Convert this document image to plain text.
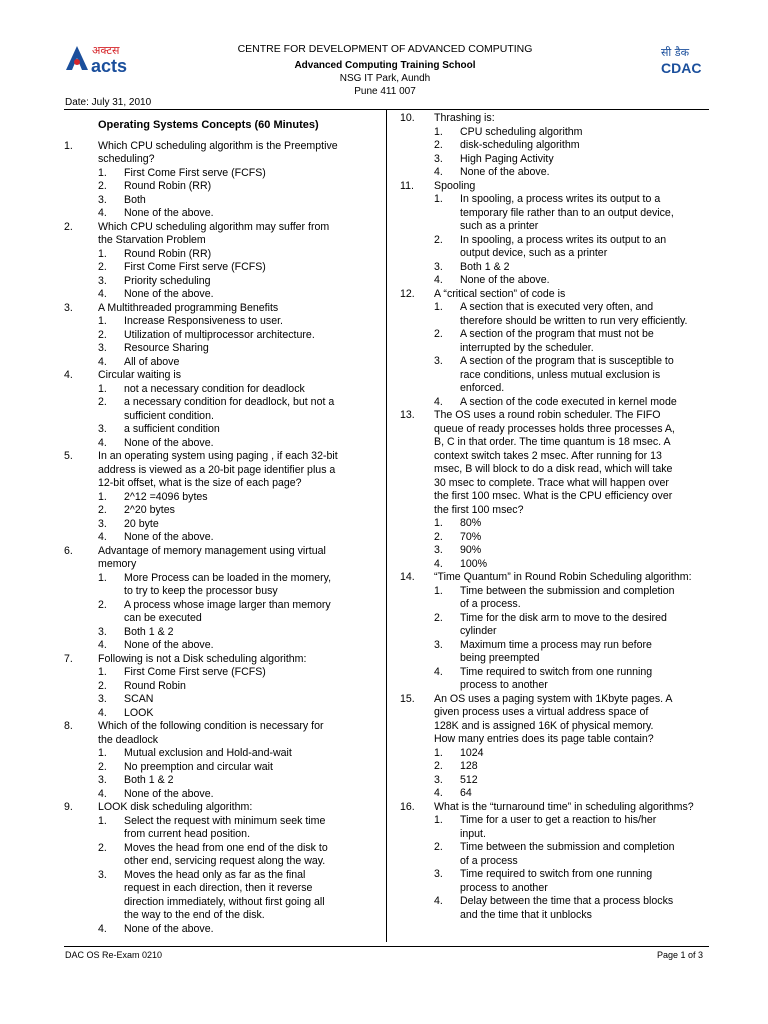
अक्टस
acts
सी डैक
CDAC
CENTRE FOR DEVELOPMENT OF ADVANCED COMPUTING
Advanced Computing Training School
NSG IT Park, Aundh
Pune 411 007
Date: July 31, 2010
Operating Systems Concepts (60 Minutes)
1.	Which CPU scheduling algorithm is the Preemptive
scheduling?
1.	First Come First serve (FCFS)
2.	Round Robin (RR)
3.	Both
4.	None of the above.
2.	Which CPU scheduling algorithm may suffer from
the Starvation Problem
1.	Round Robin (RR)
2.	First Come First serve (FCFS)
3.	Priority scheduling
4.	None of the above.
3.	A Multithreaded programming Benefits
1.	Increase Responsiveness to user.
2.	Utilization of multiprocessor architecture.
3.	Resource Sharing
4.	All of above
4.	Circular waiting is
1.	not a necessary condition for deadlock
2.	a necessary condition for deadlock, but not a
sufficient condition.
3.	a sufficient condition
4.	None of the above.
5.	In an operating system using paging , if each 32-bit
address is viewed as a 20-bit page identifier plus a
12-bit offset, what is the size of each page?
1.	2^12 =4096 bytes
2.	2^20 bytes
3.	20 byte
4.	None of the above.
6.	Advantage of memory management using virtual
memory
1.	More Process can be loaded in the momery,
to try to keep the processor busy
2.	A process whose image larger than memory
can be executed
3.	Both 1 & 2
4.	None of the above.
7.	Following is not a Disk scheduling algorithm:
1.	First Come First serve (FCFS)
2.	Round Robin
3.	SCAN
4.	LOOK
8.	Which of the following condition is necessary for
the deadlock
1.	Mutual exclusion and Hold-and-wait
2.	No preemption and circular wait
3.	Both 1 & 2
4.	None of the above.
9.	LOOK disk scheduling algorithm:
1.	Select the request with minimum seek time
from current head position.
2.	Moves the head from one end of the disk to
other end, servicing request along the way.
3.	Moves the head only as far as the final
request in each direction, then it reverse
direction immediately, without first going all
the way to the end of the disk.
4.	None of the above.
10.	Thrashing is:
1.	CPU scheduling algorithm
2.	disk-scheduling algorithm
3.	High Paging Activity
4.	None of the above.
11.	Spooling
1.	In spooling, a process writes its output to a
temporary file rather than to an output device,
such as a printer
2.	In spooling, a process writes its output to an
output device, such as a printer
3.	Both 1 & 2
4.	None of the above.
12.	A “critical section” of code is
1.	A section that is executed very often, and
therefore should be written to run very efficiently.
2.	A section of the program that must not be
interrupted by the scheduler.
3.	A section of the program that is susceptible to
race conditions, unless mutual exclusion is
enforced.
4.	A section of the code executed in kernel mode
13.	The OS uses a round robin scheduler. The FIFO
queue of ready processes holds three processes A,
B, C in that order. The time quantum is 18 msec. A
context switch takes 2 msec. After running for 13
msec, B will block to do a disk read, which will take
30 msec to complete. Trace what will happen over
the first 100 msec. What is the CPU efficiency over
the first 100 msec?
1.	80%
2.	70%
3.	90%
4.	100%
14.	“Time Quantum” in Round Robin Scheduling algorithm:
1.	Time between the submission and completion
of a process.
2.	Time for the disk arm to move to the desired
cylinder
3.	Maximum time a process may run before
being preempted
4.	Time required to switch from one running
process to another
15.	An OS uses a paging system with 1Kbyte pages. A
given process uses a virtual address space of
128K and is assigned 16K of physical memory.
How many entries does its page table contain?
1.	1024
2.	128
3.	512
4.	64
16.	What is the “turnaround time” in scheduling algorithms?
1.	Time for a user to get a reaction to his/her
input.
2.	Time between the submission and completion
of a process
3.	Time required to switch from one running
process to another
4.	Delay between the time that a process blocks
and the time that it unblocks
DAC OS Re-Exam 0210	Page 1 of 3
